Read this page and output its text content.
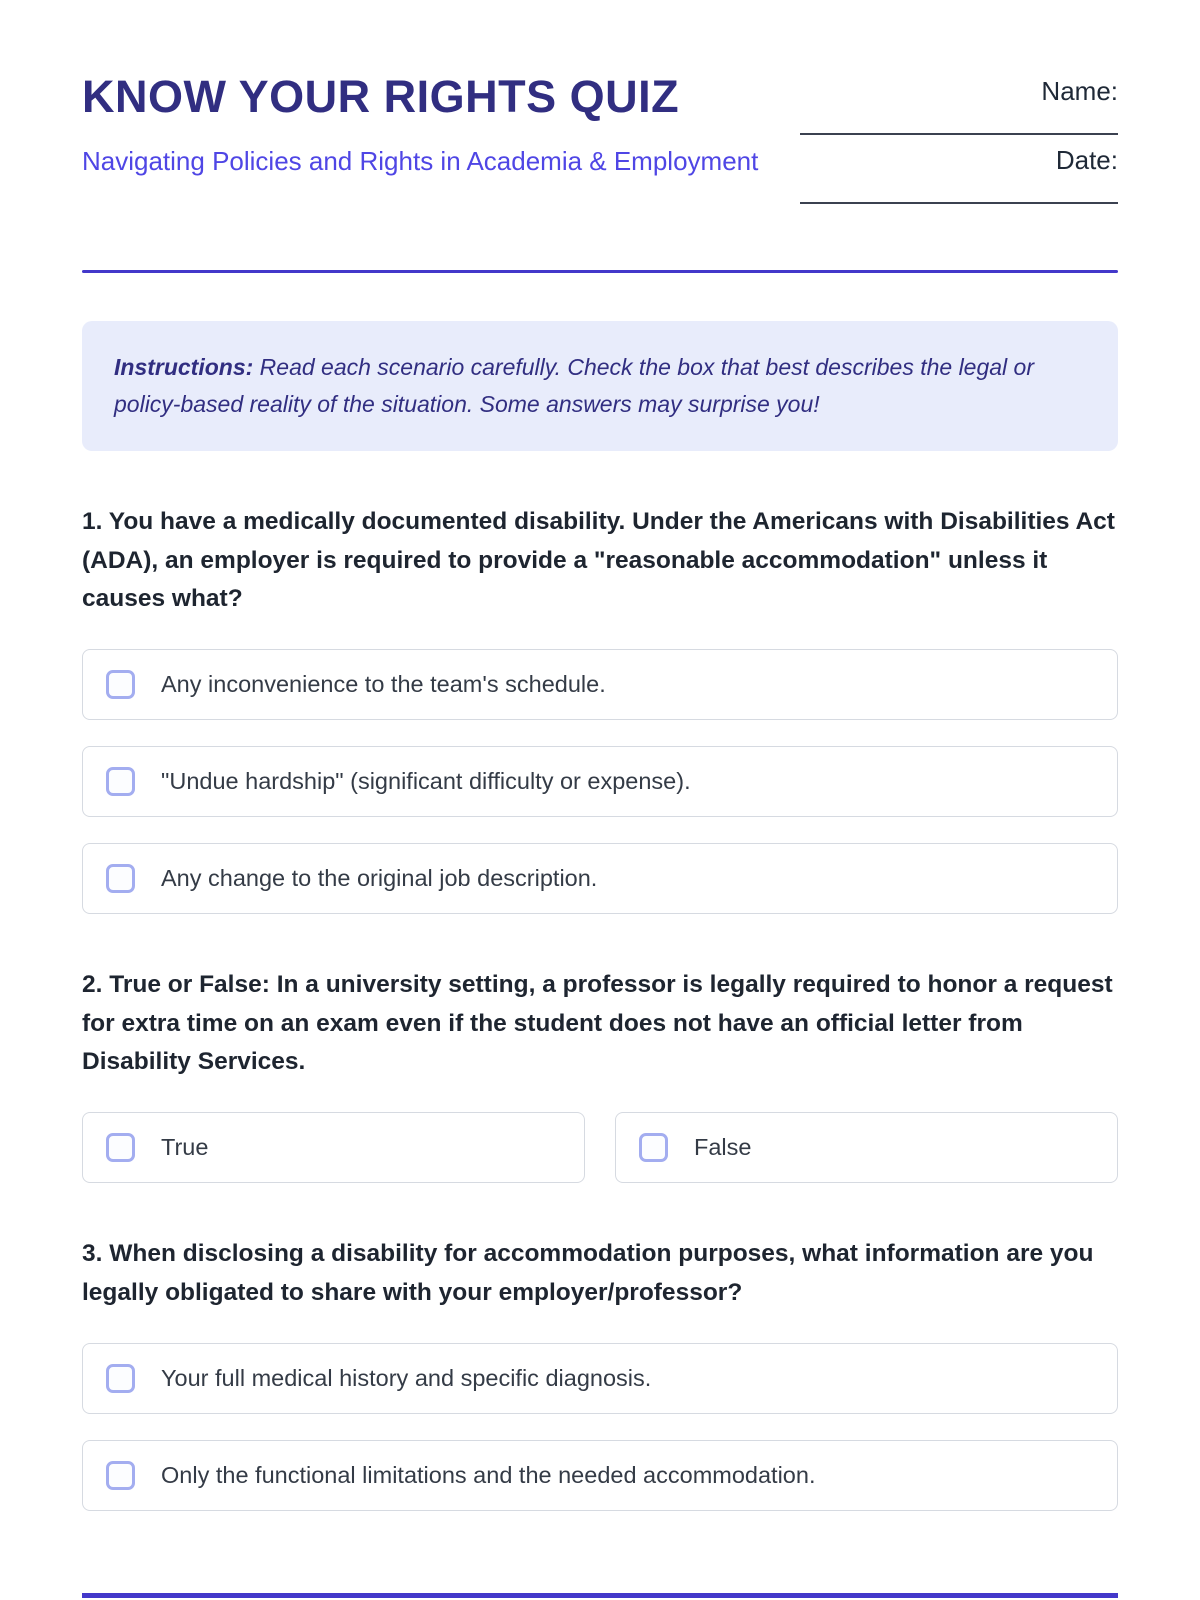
KNOW YOUR RIGHTS QUIZ
Navigating Policies and Rights in Academia & Employment
Name:
Date:
Instructions: Read each scenario carefully. Check the box that best describes the legal or policy-based reality of the situation. Some answers may surprise you!
1. You have a medically documented disability. Under the Americans with Disabilities Act (ADA), an employer is required to provide a "reasonable accommodation" unless it causes what?
Any inconvenience to the team's schedule.
"Undue hardship" (significant difficulty or expense).
Any change to the original job description.
2. True or False: In a university setting, a professor is legally required to honor a request for extra time on an exam even if the student does not have an official letter from Disability Services.
True	False
3. When disclosing a disability for accommodation purposes, what information are you legally obligated to share with your employer/professor?
Your full medical history and specific diagnosis.
Only the functional limitations and the needed accommodation.
